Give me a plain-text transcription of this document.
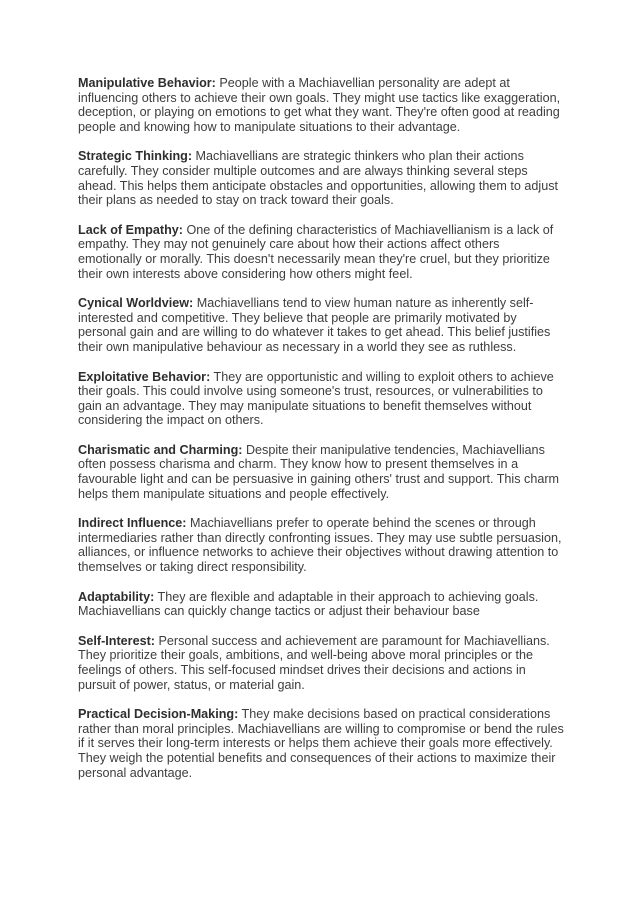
Manipulative Behavior: People with a Machiavellian personality are adept at influencing others to achieve their own goals. They might use tactics like exaggeration, deception, or playing on emotions to get what they want. They're often good at reading people and knowing how to manipulate situations to their advantage.

Strategic Thinking: Machiavellians are strategic thinkers who plan their actions carefully. They consider multiple outcomes and are always thinking several steps ahead. This helps them anticipate obstacles and opportunities, allowing them to adjust their plans as needed to stay on track toward their goals.

Lack of Empathy: One of the defining characteristics of Machiavellianism is a lack of empathy. They may not genuinely care about how their actions affect others emotionally or morally. This doesn't necessarily mean they're cruel, but they prioritize their own interests above considering how others might feel.

Cynical Worldview: Machiavellians tend to view human nature as inherently self-interested and competitive. They believe that people are primarily motivated by personal gain and are willing to do whatever it takes to get ahead. This belief justifies their own manipulative behaviour as necessary in a world they see as ruthless.

Exploitative Behavior: They are opportunistic and willing to exploit others to achieve their goals. This could involve using someone's trust, resources, or vulnerabilities to gain an advantage. They may manipulate situations to benefit themselves without considering the impact on others.

Charismatic and Charming: Despite their manipulative tendencies, Machiavellians often possess charisma and charm. They know how to present themselves in a favourable light and can be persuasive in gaining others' trust and support. This charm helps them manipulate situations and people effectively.

Indirect Influence: Machiavellians prefer to operate behind the scenes or through intermediaries rather than directly confronting issues. They may use subtle persuasion, alliances, or influence networks to achieve their objectives without drawing attention to themselves or taking direct responsibility.

Adaptability: They are flexible and adaptable in their approach to achieving goals. Machiavellians can quickly change tactics or adjust their behaviour base

Self-Interest: Personal success and achievement are paramount for Machiavellians. They prioritize their goals, ambitions, and well-being above moral principles or the feelings of others. This self-focused mindset drives their decisions and actions in pursuit of power, status, or material gain.

Practical Decision-Making: They make decisions based on practical considerations rather than moral principles. Machiavellians are willing to compromise or bend the rules if it serves their long-term interests or helps them achieve their goals more effectively. They weigh the potential benefits and consequences of their actions to maximize their personal advantage.
